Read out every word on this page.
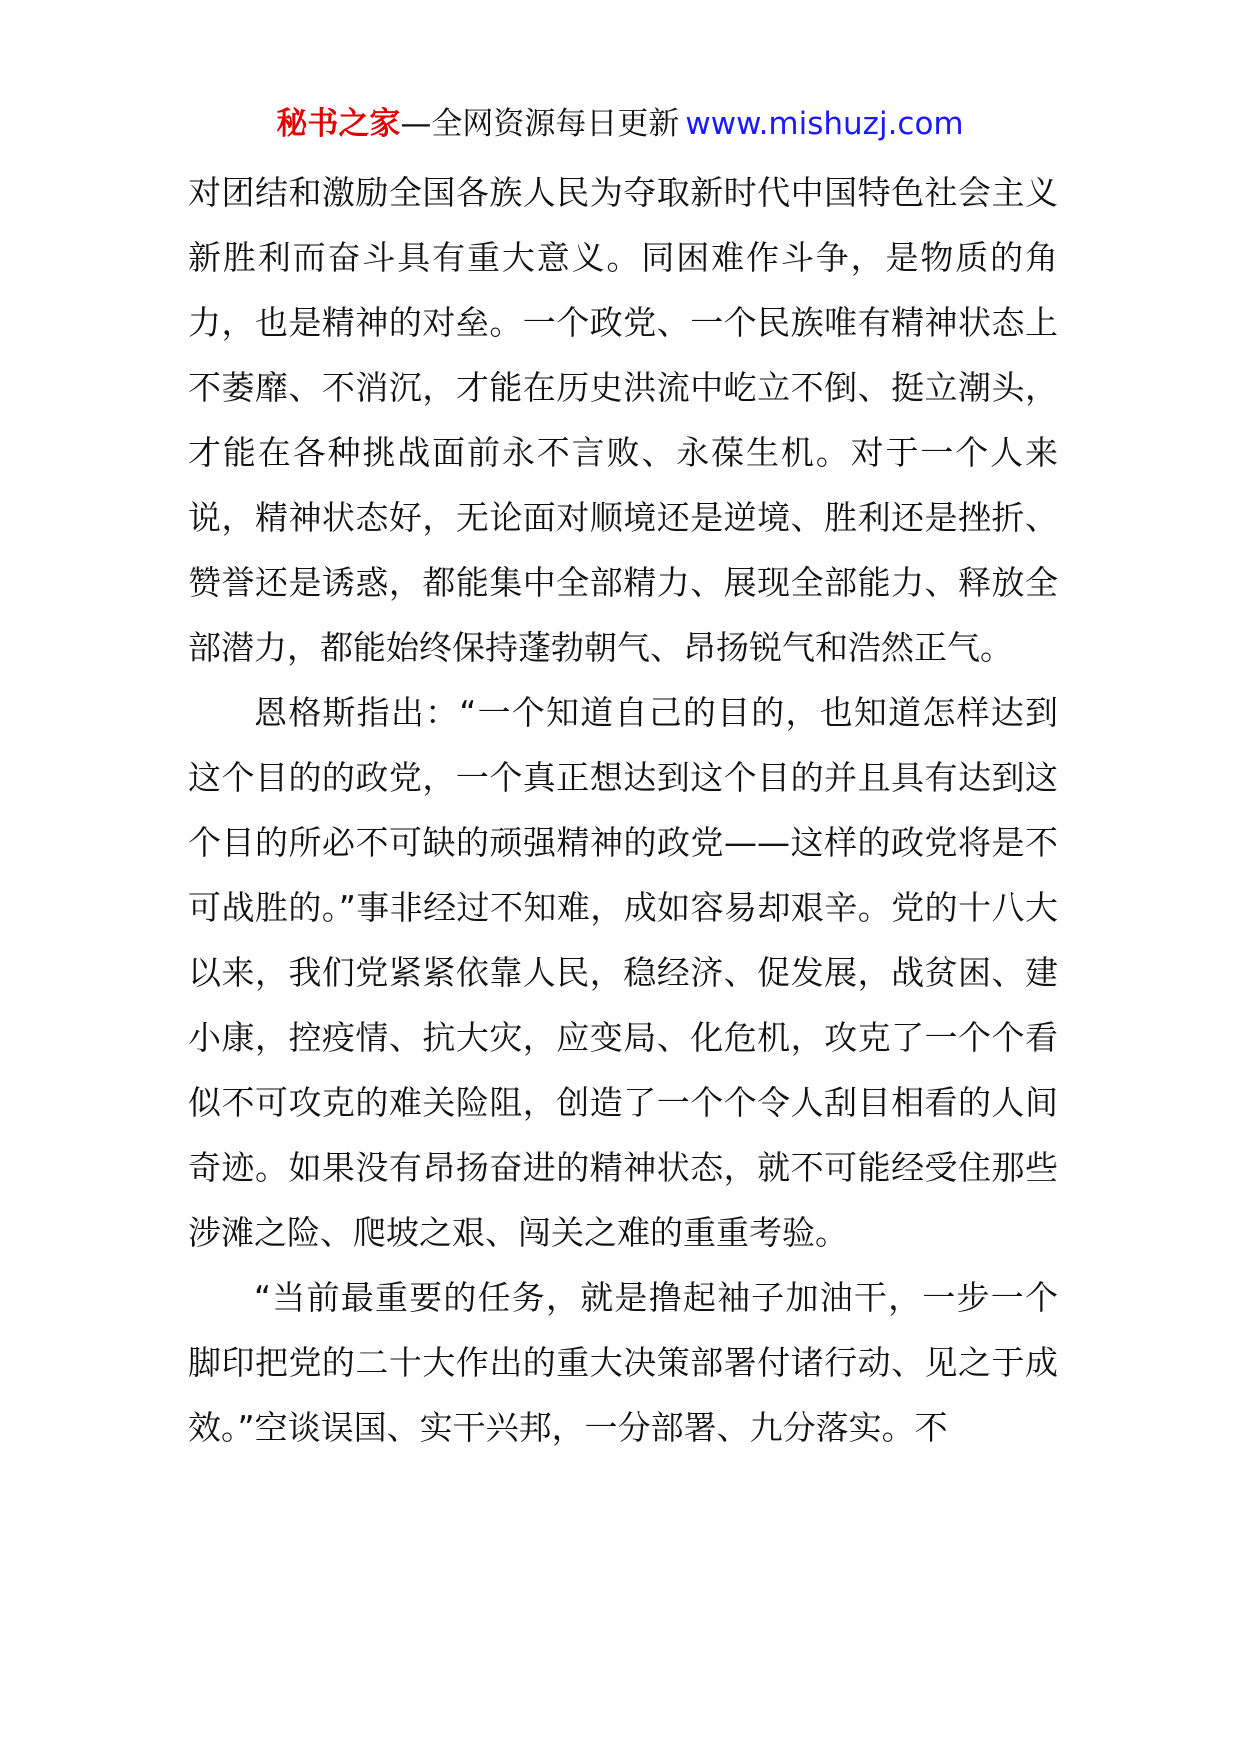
秘书之家—全网资源每日更新 www.mishuzj.com

对团结和激励全国各族人民为夺取新时代中国特色社会主义新胜利而奋斗具有重大意义。同困难作斗争，是物质的角力，也是精神的对垒。一个政党、一个民族唯有精神状态上不萎靡、不消沉，才能在历史洪流中屹立不倒、挺立潮头，才能在各种挑战面前永不言败、永葆生机。对于一个人来说，精神状态好，无论面对顺境还是逆境、胜利还是挫折、赞誉还是诱惑，都能集中全部精力、展现全部能力、释放全部潜力，都能始终保持蓬勃朝气、昂扬锐气和浩然正气。

恩格斯指出：“一个知道自己的目的，也知道怎样达到这个目的的政党，一个真正想达到这个目的并且具有达到这个目的所必不可缺的顽强精神的政党——这样的政党将是不可战胜的。”事非经过不知难，成如容易却艰辛。党的十八大以来，我们党紧紧依靠人民，稳经济、促发展，战贫困、建小康，控疫情、抗大灾，应变局、化危机，攻克了一个个看似不可攻克的难关险阻，创造了一个个令人刮目相看的人间奇迹。如果没有昂扬奋进的精神状态，就不可能经受住那些涉滩之险、爬坡之艰、闯关之难的重重考验。

“当前最重要的任务，就是撸起袖子加油干，一步一个脚印把党的二十大作出的重大决策部署付诸行动、见之于成效。”空谈误国、实干兴邦，一分部署、九分落实。不
